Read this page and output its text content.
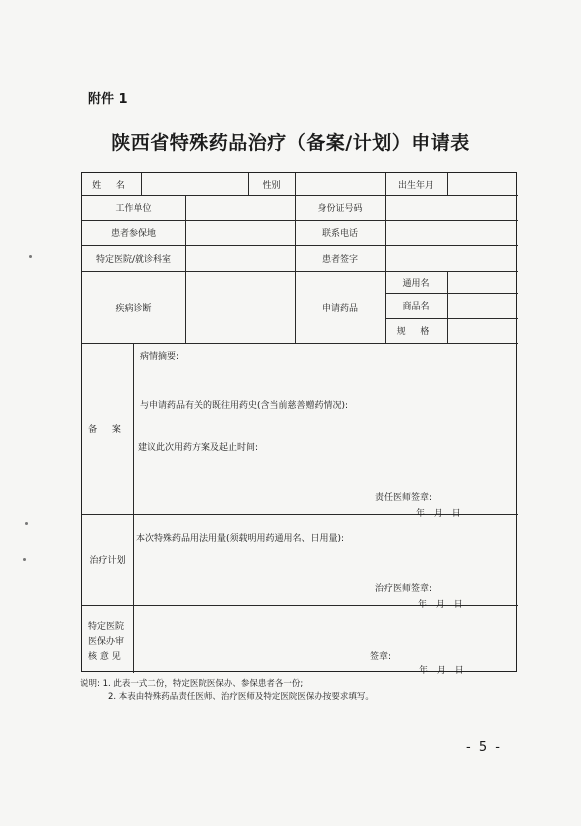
附件 1
陕西省特殊药品治疗（备案/计划）申请表
姓 名	性别	出生年月
工作单位	身份证号码
患者参保地	联系电话
特定医院/就诊科室	患者签字
疾病诊断	申请药品
通用名
商品名
规 格
备 案
病情摘要:
与申请药品有关的既往用药史(含当前慈善赠药情况):
建议此次用药方案及起止时间:
责任医师签章:
年 月 日
治疗计划
本次特殊药品用法用量(须载明用药通用名、日用量):
治疗医师签章:
年 月 日
特定医院
医保办审
核 意 见	签章:
年 月 日
说明: 1. 此表一式二份，特定医院医保办、参保患者各一份;
2. 本表由特殊药品责任医师、治疗医师及特定医院医保办按要求填写。
- 5 -
